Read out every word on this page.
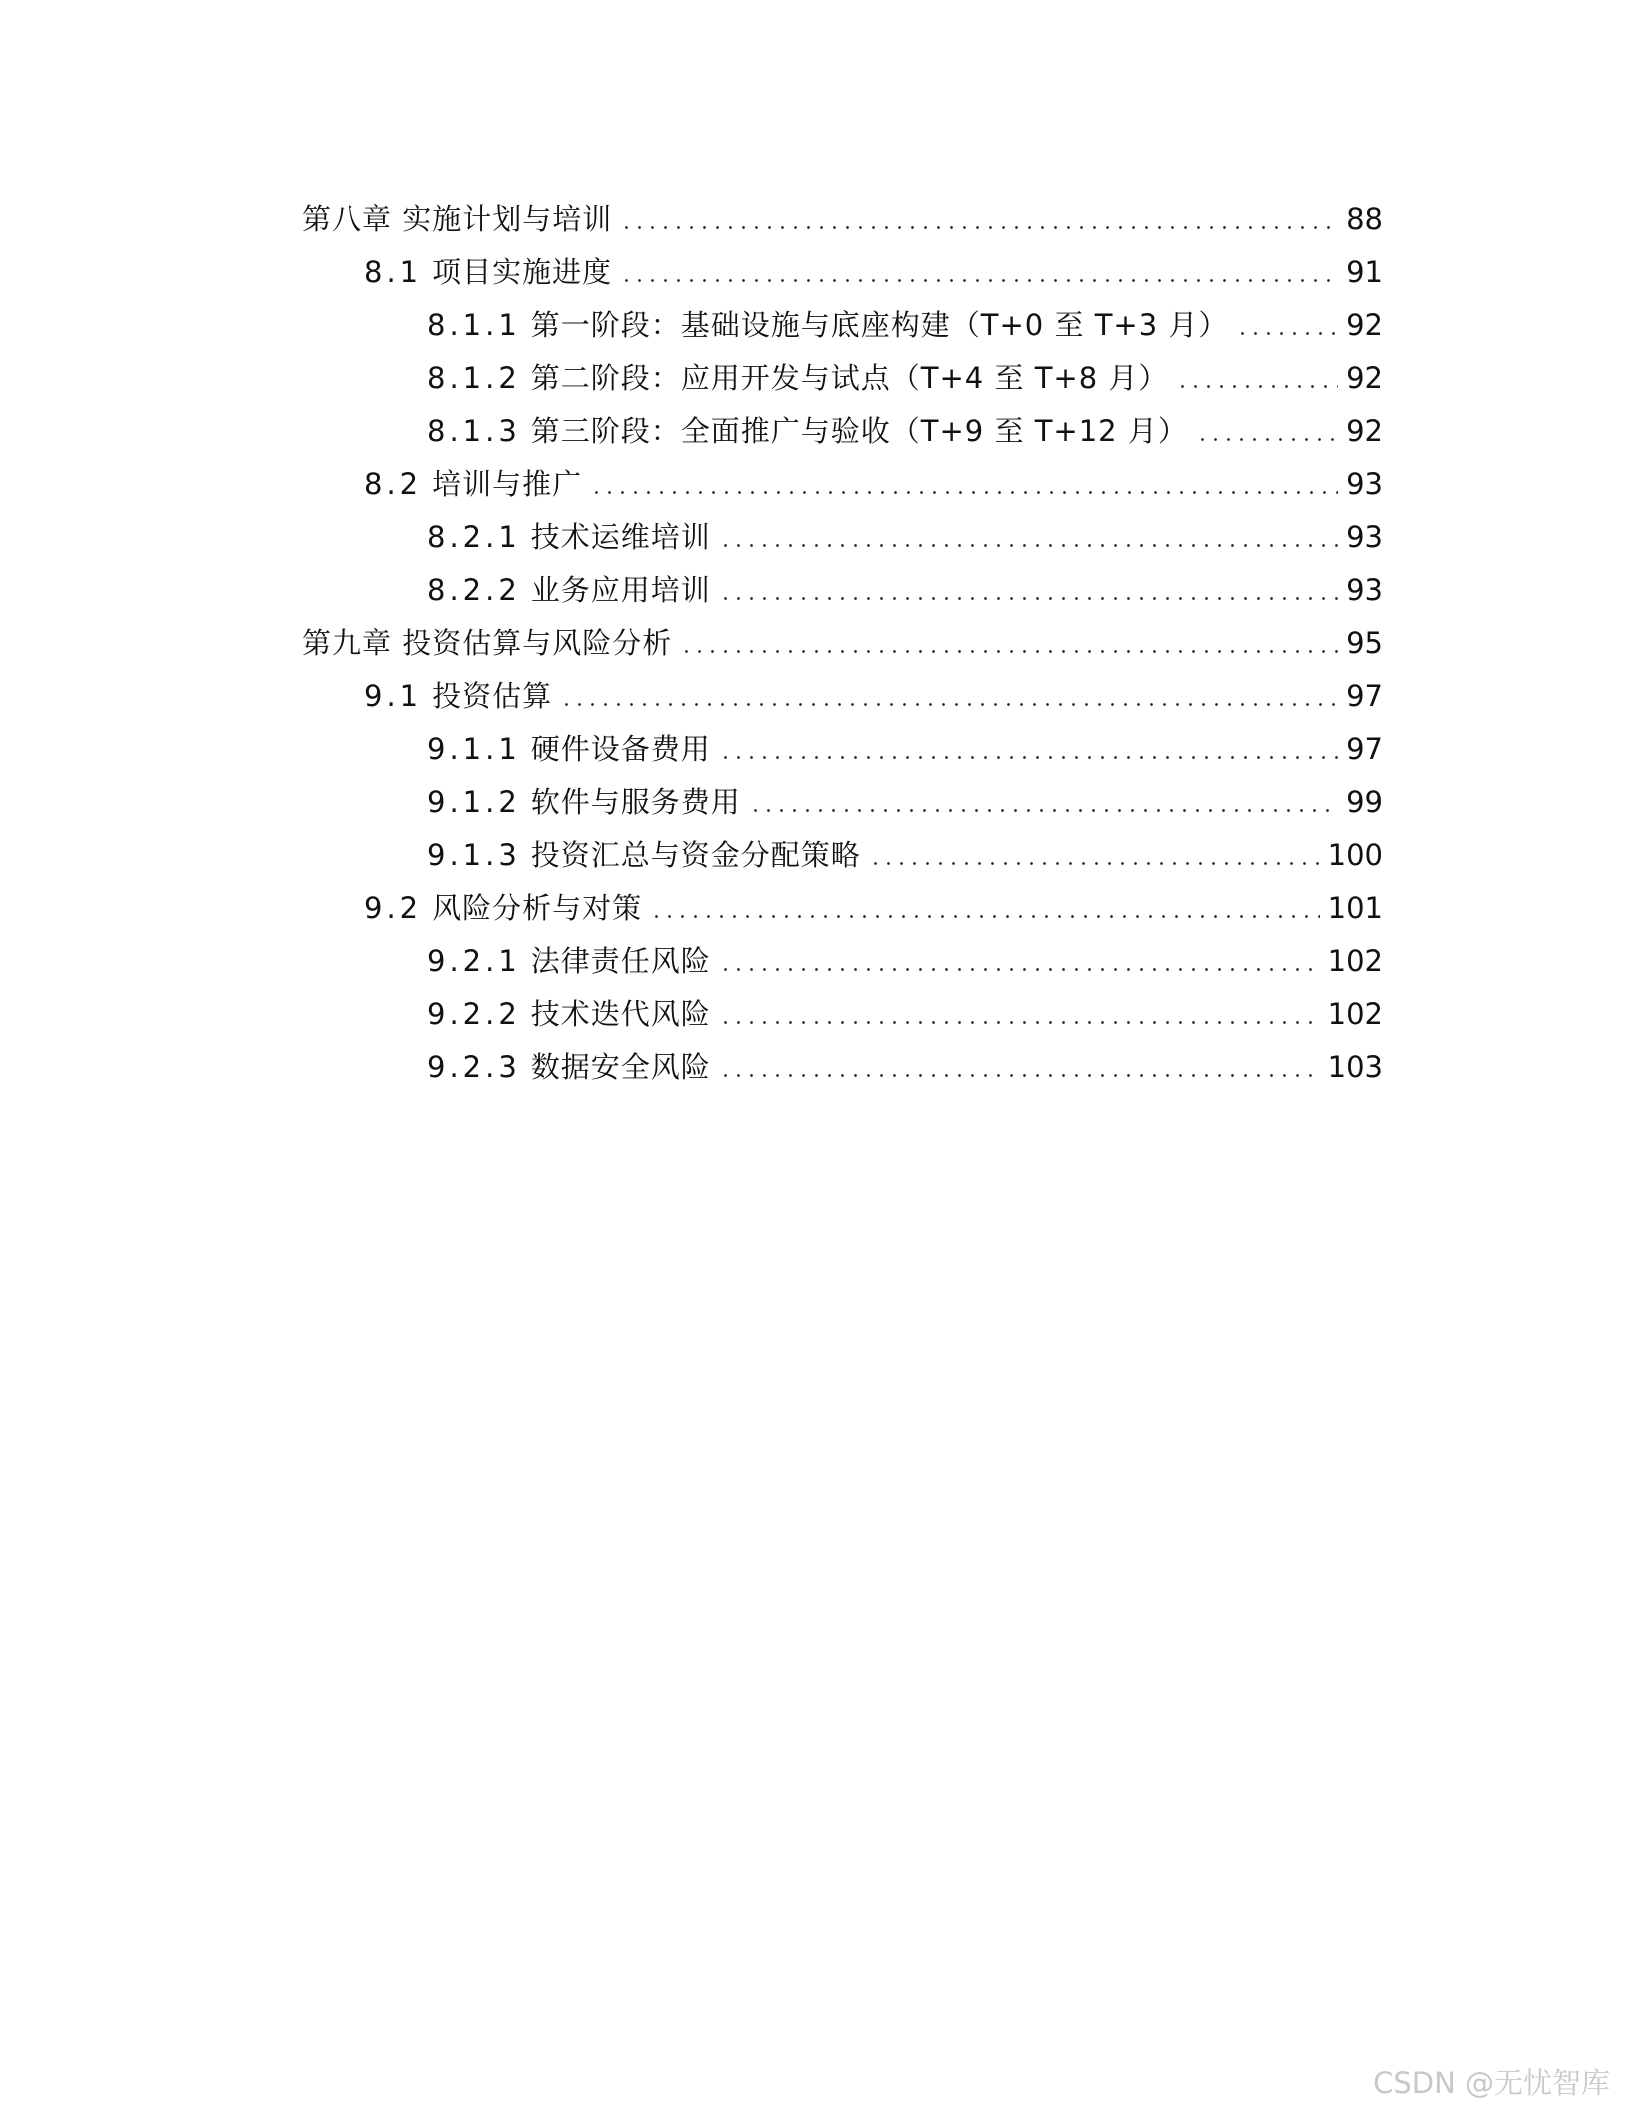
第八章 实施计划与培训	88
8.1 项目实施进度	91
8.1.1 第一阶段：基础设施与底座构建（T+0 至 T+3 月）	92
8.1.2 第二阶段：应用开发与试点（T+4 至 T+8 月）	92
8.1.3 第三阶段：全面推广与验收（T+9 至 T+12 月）	92
8.2 培训与推广	93
8.2.1 技术运维培训	93
8.2.2 业务应用培训	93
第九章 投资估算与风险分析	95
9.1 投资估算	97
9.1.1 硬件设备费用	97
9.1.2 软件与服务费用	99
9.1.3 投资汇总与资金分配策略	100
9.2 风险分析与对策	101
9.2.1 法律责任风险	102
9.2.2 技术迭代风险	102
9.2.3 数据安全风险	103
CSDN @无忧智库
